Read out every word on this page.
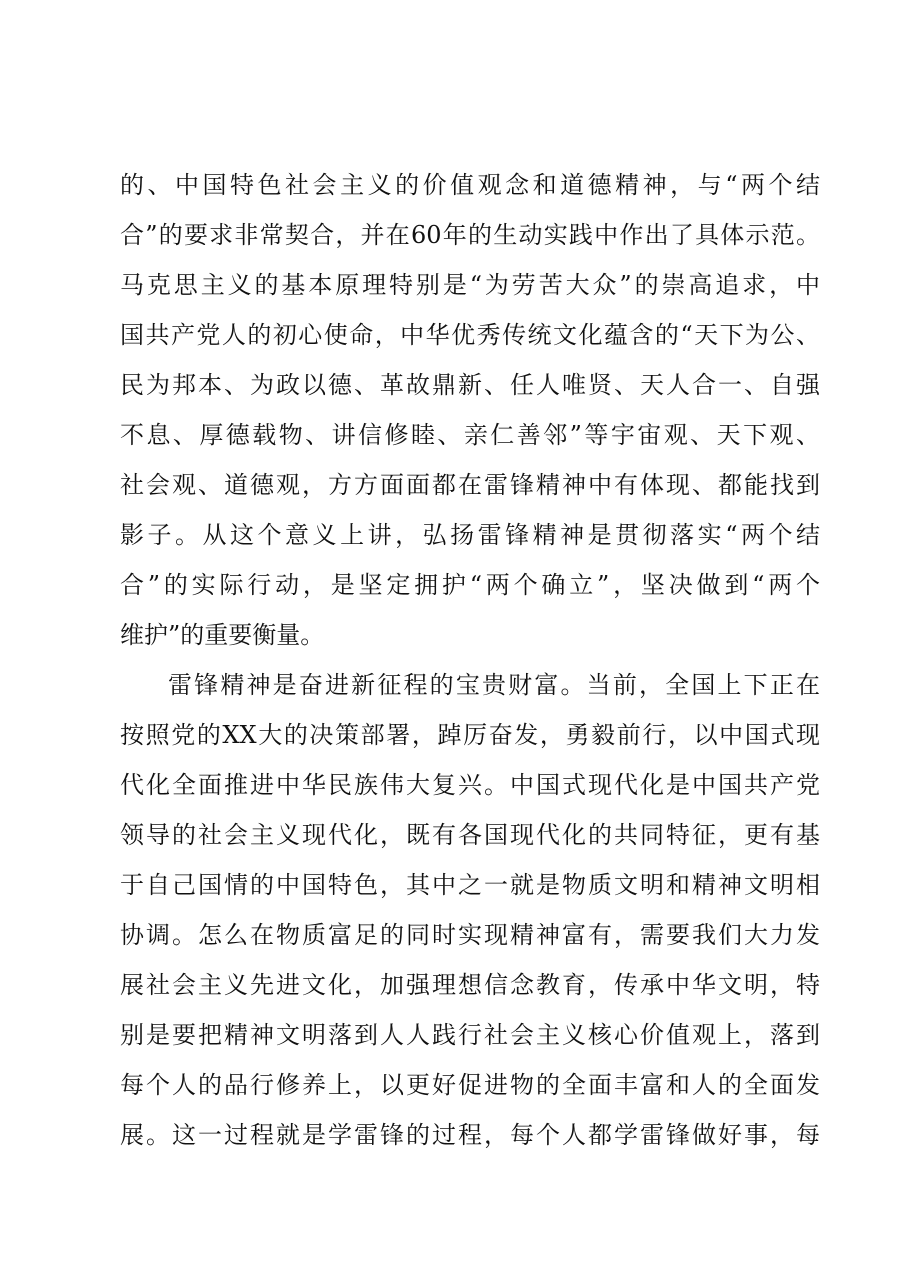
的、中国特色社会主义的价值观念和道德精神，与“两个结
合”的要求非常契合，并在60年的生动实践中作出了具体示范。
马克思主义的基本原理特别是“为劳苦大众”的崇高追求，中
国共产党人的初心使命，中华优秀传统文化蕴含的“天下为公、
民为邦本、为政以德、革故鼎新、任人唯贤、天人合一、自强
不息、厚德载物、讲信修睦、亲仁善邻”等宇宙观、天下观、
社会观、道德观，方方面面都在雷锋精神中有体现、都能找到
影子。从这个意义上讲，弘扬雷锋精神是贯彻落实“两个结
合”的实际行动，是坚定拥护“两个确立”，坚决做到“两个
维护”的重要衡量。
雷锋精神是奋进新征程的宝贵财富。当前，全国上下正在
按照党的XX大的决策部署，踔厉奋发，勇毅前行，以中国式现
代化全面推进中华民族伟大复兴。中国式现代化是中国共产党
领导的社会主义现代化，既有各国现代化的共同特征，更有基
于自己国情的中国特色，其中之一就是物质文明和精神文明相
协调。怎么在物质富足的同时实现精神富有，需要我们大力发
展社会主义先进文化，加强理想信念教育，传承中华文明，特
别是要把精神文明落到人人践行社会主义核心价值观上，落到
每个人的品行修养上，以更好促进物的全面丰富和人的全面发
展。这一过程就是学雷锋的过程，每个人都学雷锋做好事，每
